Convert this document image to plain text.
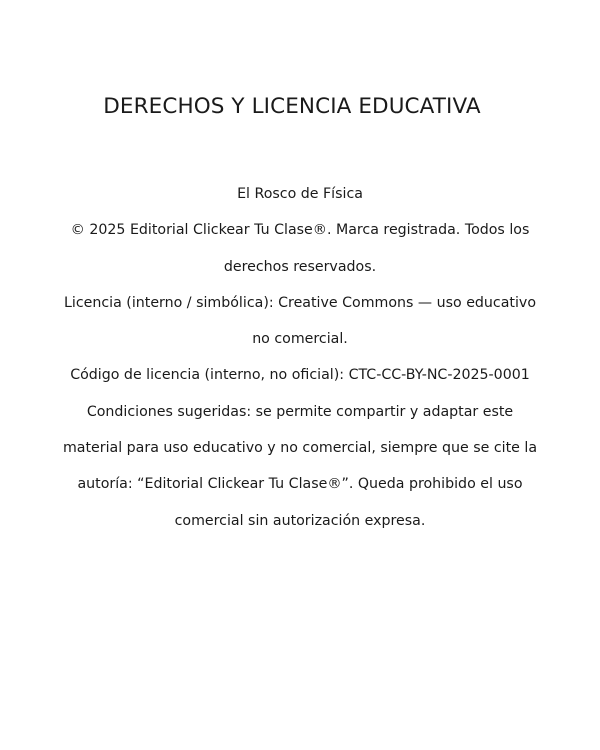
DERECHOS Y LICENCIA EDUCATIVA
El Rosco de Física
© 2025 Editorial Clickear Tu Clase®. Marca registrada. Todos los
derechos reservados.
Licencia (interno / simbólica): Creative Commons — uso educativo
no comercial.
Código de licencia (interno, no oficial): CTC-CC-BY-NC-2025-0001
Condiciones sugeridas: se permite compartir y adaptar este
material para uso educativo y no comercial, siempre que se cite la
autoría: “Editorial Clickear Tu Clase®”. Queda prohibido el uso
comercial sin autorización expresa.
